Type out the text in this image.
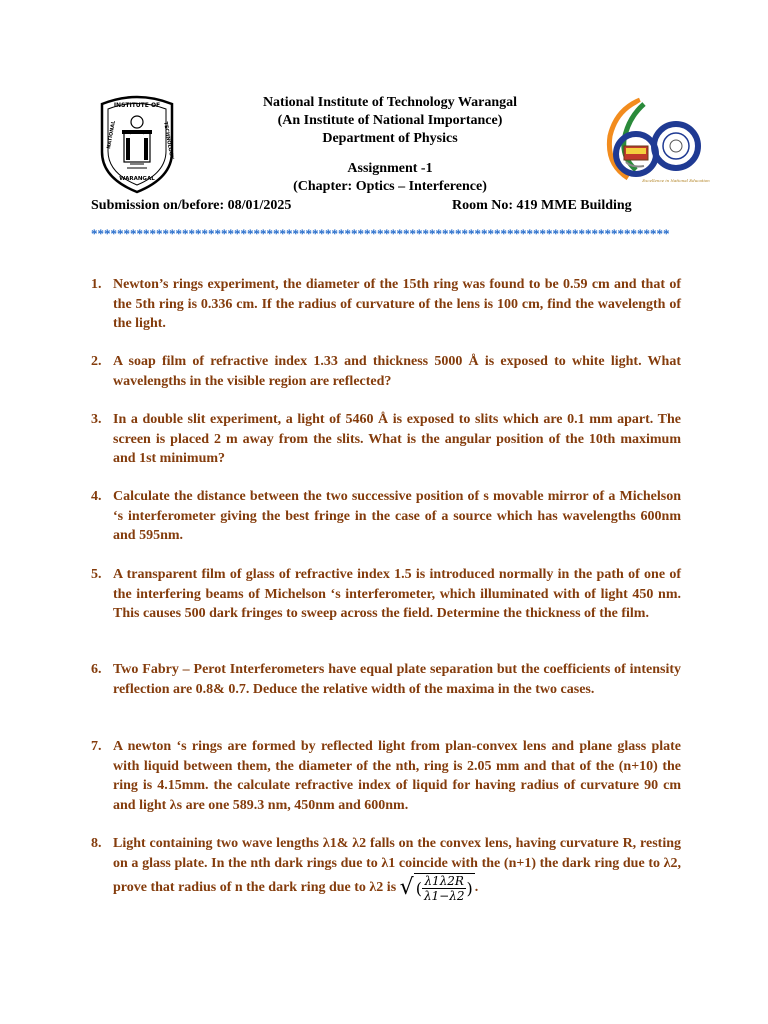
INSTITUTE OF
NATIONAL	TECHNOLOGY
WARANGAL	Excellence in National Education
National Institute of Technology Warangal
(An Institute of National Importance)
Department of Physics
Assignment -1
(Chapter: Optics – Interference)
Submission on/before: 08/01/2025	Room No: 419 MME Building
*****************************************************************************************
1. Newton’s rings experiment, the diameter of the 15th ring was found to be 0.59 cm and that of the 5th ring is 0.336 cm. If the radius of curvature of the lens is 100 cm, find the wavelength of the light.
2. A soap film of refractive index 1.33 and thickness 5000 Å is exposed to white light. What wavelengths in the visible region are reflected?
3. In a double slit experiment, a light of 5460 Å is exposed to slits which are 0.1 mm apart. The screen is placed 2 m away from the slits. What is the angular position of the 10th maximum and 1st minimum?
4. Calculate the distance between the two successive position of s movable mirror of a Michelson ‘s interferometer giving the best fringe in the case of a source which has wavelengths 600nm and 595nm.
5. A transparent film of glass of refractive index 1.5 is introduced normally in the path of one of the interfering beams of Michelson ‘s interferometer, which illuminated with of light 450 nm. This causes 500 dark fringes to sweep across the field. Determine the thickness of the film.
6. Two Fabry – Perot Interferometers have equal plate separation but the coefficients of intensity reflection are 0.8& 0.7. Deduce the relative width of the maxima in the two cases.
7. A newton ‘s rings are formed by reflected light from plan-convex lens and plane glass plate with liquid between them, the diameter of the nth, ring is 2.05 mm and that of the (n+10) the ring is 4.15mm. the calculate refractive index of liquid for having radius of curvature 90 cm and light λs are one 589.3 nm, 450nm and 600nm.
8. Light containing two wave lengths λ1& λ2 falls on the convex lens, having curvature R, resting on a glass plate. In the nth dark rings due to λ1 coincide with the (n+1) the dark ring due to λ2, prove that radius of n the dark ring due to λ2 is √ ( $\frac{\lambda 1\lambda 2R}{\lambda 1-\lambda 2}$ ) .
